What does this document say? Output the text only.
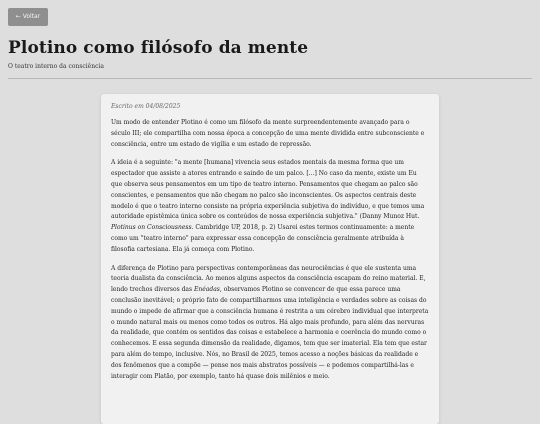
← Voltar
Plotino como filósofo da mente
O teatro interno da consciência
Escrito em 04/08/2025

Um modo de entender Plotino é como um filósofo da mente surpreendentemente avançado para o século III; ele compartilha com nossa época a concepção de uma mente dividida entre subconsciente e consciência, entre um estado de vigília e um estado de repressão.

A ideia é a seguinte: "a mente [humana] vivencia seus estados mentais da mesma forma que um espectador que assiste a atores entrando e saindo de um palco. [...] No caso da mente, existe um Eu que observa seus pensamentos em um tipo de teatro interno. Pensamentos que chegam ao palco são conscientes, e pensamentos que não chegam no palco são inconscientes. Os aspectos centrais deste modelo é que o teatro interno consiste na própria experiência subjetiva do indivíduo, e que temos uma autoridade epistêmica única sobre os conteúdos de nossa experiência subjetiva." (Danny Munoz Hut. Plotinus on Consciousness. Cambridge UP, 2018, p. 2) Usarei estes termos continuamente: a mente como um "teatro interno" para expressar essa concepção de consciência geralmente atribuída à filosofia cartesiana. Ela já começa com Plotino.

A diferença de Plotino para perspectivas contemporâneas das neurociências é que ele sustenta uma teoria dualista da consciência. Ao menos alguns aspectos da consciência escapam do reino material. E, lendo trechos diversos das Enéadas, observamos Plotino se convencer de que essa parece uma conclusão inevitável; o próprio fato de compartilharmos uma inteligência e verdades sobre as coisas do mundo o impede de afirmar que a consciência humana é restrita a um cérebro individual que interpreta o mundo natural mais ou menos como todos os outros. Há algo mais profundo, para além das nervuras da realidade, que contém os sentidos das coisas e estabelece a harmonia e coerência do mundo como o conhecemos. E essa segunda dimensão da realidade, digamos, tem que ser imaterial. Ela tem que estar para além do tempo, inclusive. Nós, no Brasil de 2025, temos acesso a noções básicas da realidade e dos fenômenos que a compõe — pense nos mais abstratos possíveis — e podemos compartilhá-las e interagir com Platão, por exemplo, tanto há quase dois milênios e meio.
